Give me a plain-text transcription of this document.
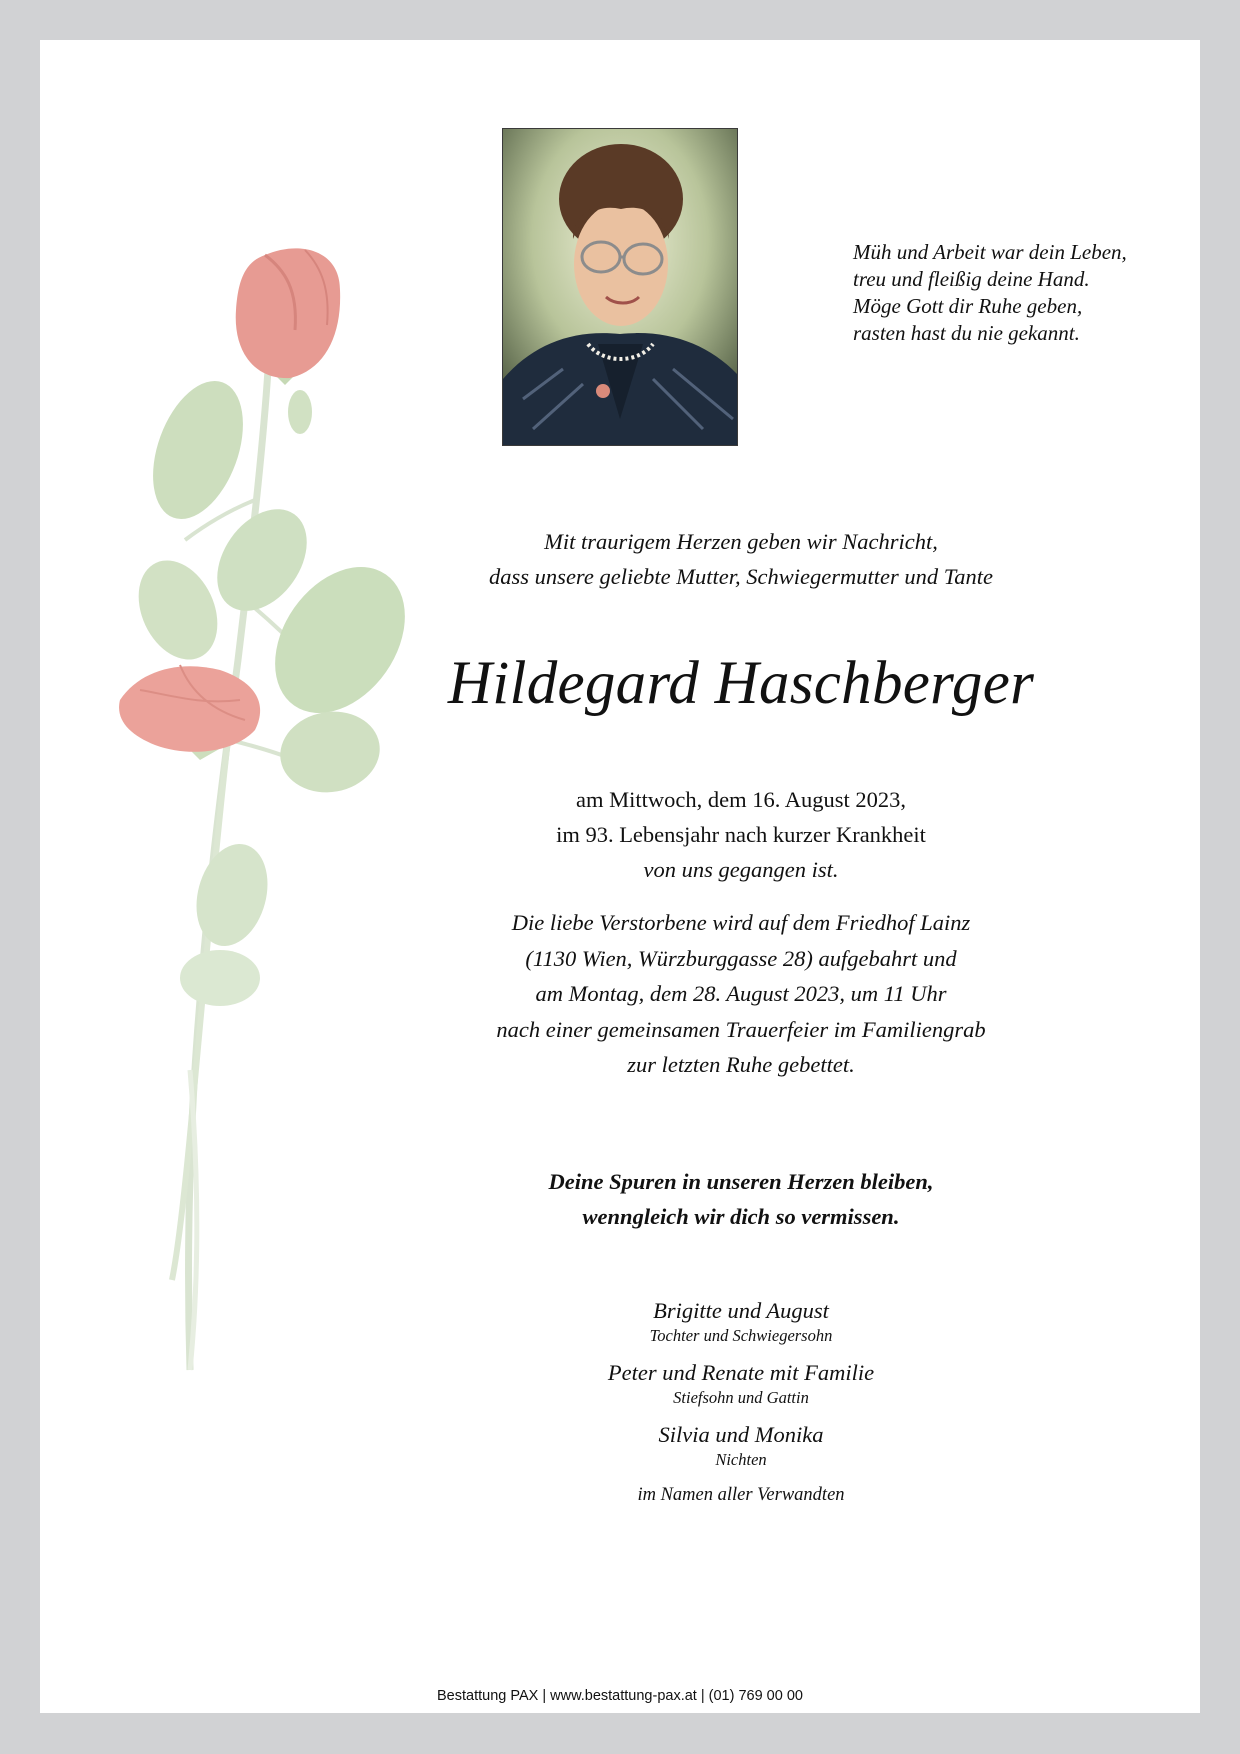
Müh und Arbeit war dein Leben,
treu und fleißig deine Hand.
Möge Gott dir Ruhe geben,
rasten hast du nie gekannt.
Mit traurigem Herzen geben wir Nachricht,
dass unsere geliebte Mutter, Schwiegermutter und Tante
Hildegard Haschberger
am Mittwoch, dem 16. August 2023,
im 93. Lebensjahr nach kurzer Krankheit
von uns gegangen ist.
Die liebe Verstorbene wird auf dem Friedhof Lainz
(1130 Wien, Würzburggasse 28) aufgebahrt und
am Montag, dem 28. August 2023, um 11 Uhr
nach einer gemeinsamen Trauerfeier im Familiengrab
zur letzten Ruhe gebettet.
Deine Spuren in unseren Herzen bleiben,
wenngleich wir dich so vermissen.
Brigitte und August
Tochter und Schwiegersohn
Peter und Renate mit Familie
Stiefsohn und Gattin
Silvia und Monika
Nichten
im Namen aller Verwandten
Bestattung PAX | www.bestattung-pax.at | (01) 769 00 00
